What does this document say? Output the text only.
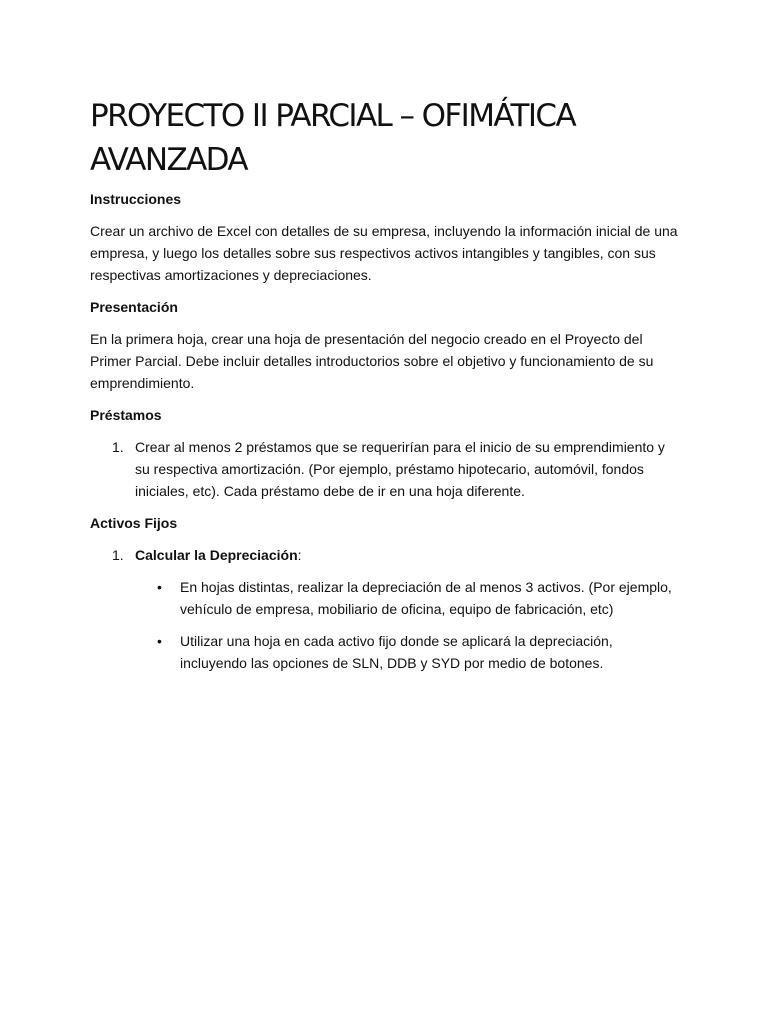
PROYECTO II PARCIAL – OFIMÁTICA
AVANZADA
Instrucciones

Crear un archivo de Excel con detalles de su empresa, incluyendo la información inicial de una empresa, y luego los detalles sobre sus respectivos activos intangibles y tangibles, con sus respectivas amortizaciones y depreciaciones.

Presentación

En la primera hoja, crear una hoja de presentación del negocio creado en el Proyecto del Primer Parcial. Debe incluir detalles introductorios sobre el objetivo y funcionamiento de su emprendimiento.

Préstamos
1. Crear al menos 2 préstamos que se requerirían para el inicio de su emprendimiento y su respectiva amortización. (Por ejemplo, préstamo hipotecario, automóvil, fondos iniciales, etc). Cada préstamo debe de ir en una hoja diferente.
Activos Fijos
1. Calcular la Depreciación:
• En hojas distintas, realizar la depreciación de al menos 3 activos. (Por ejemplo, vehículo de empresa, mobiliario de oficina, equipo de fabricación, etc)
• Utilizar una hoja en cada activo fijo donde se aplicará la depreciación, incluyendo las opciones de SLN, DDB y SYD por medio de botones.
